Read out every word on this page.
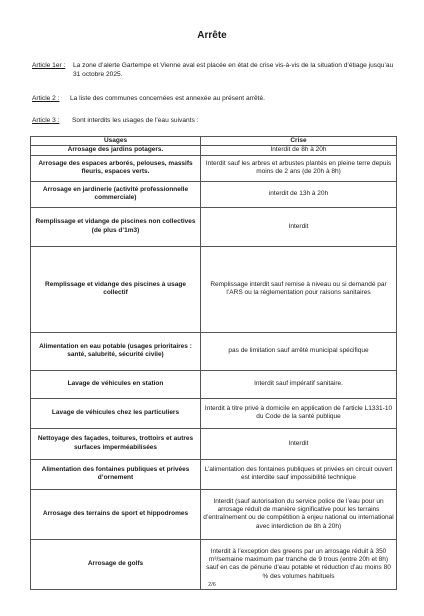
Arrête
Article 1er :	La zone d’alerte Gartempe et Vienne aval est placée en état de crise vis-à-vis de la situation d’étiage jusqu’au 31 octobre 2025.
Article 2 :	La liste des communes concernées est annexée au présent arrêté.
Article 3 :	Sont interdits les usages de l’eau suivants :
Usages	Crise
Arrosage des jardins potagers.	Interdit de 8h à 20h
Arrosage des espaces arborés, pelouses, massifs fleuris, espaces verts.	Interdit sauf les arbres et arbustes plantés en pleine terre depuis moins de 2 ans (de 20h à 8h)
Arrosage en jardinerie (activité professionnelle commerciale)	interdit de 13h à 20h
Remplissage et vidange de piscines non collectives (de plus d’1m3)	Interdit
Remplissage et vidange des piscines à usage collectif	Remplissage interdit sauf remise à niveau ou si demandé par l’ARS ou la réglementation pour raisons sanitaires
Alimentation en eau potable (usages prioritaires : santé, salubrité, sécurité civile)	pas de limitation sauf arrêté municipal spécifique
Lavage de véhicules en station	Interdit sauf impératif sanitaire.
Lavage de véhicules chez les particuliers	Interdit à titre privé à domicile en application de l’article L1331-10 du Code de la santé publique
Nettoyage des façades, toitures, trottoirs et autres surfaces imperméabilisées	Interdit
Alimentation des fontaines publiques et privées d’ornement	L’alimentation des fontaines publiques et privées en circuit ouvert est interdite sauf impossibilité technique
Arrosage des terrains de sport et hippodromes	Interdit (sauf autorisation du service police de l’eau pour un arrosage réduit de manière significative pour les terrains d’entraînement ou de compétition à enjeu national ou international avec interdiction de 8h à 20h)
Arrosage de golfs	Interdit à l’exception des greens par un arrosage réduit à 350 m³/semaine maximum par tranche de 9 trous (entre 20h et 8h) sauf en cas de pénurie d’eau potable et réduction d’au moins 80 % des volumes habituels
2/6
